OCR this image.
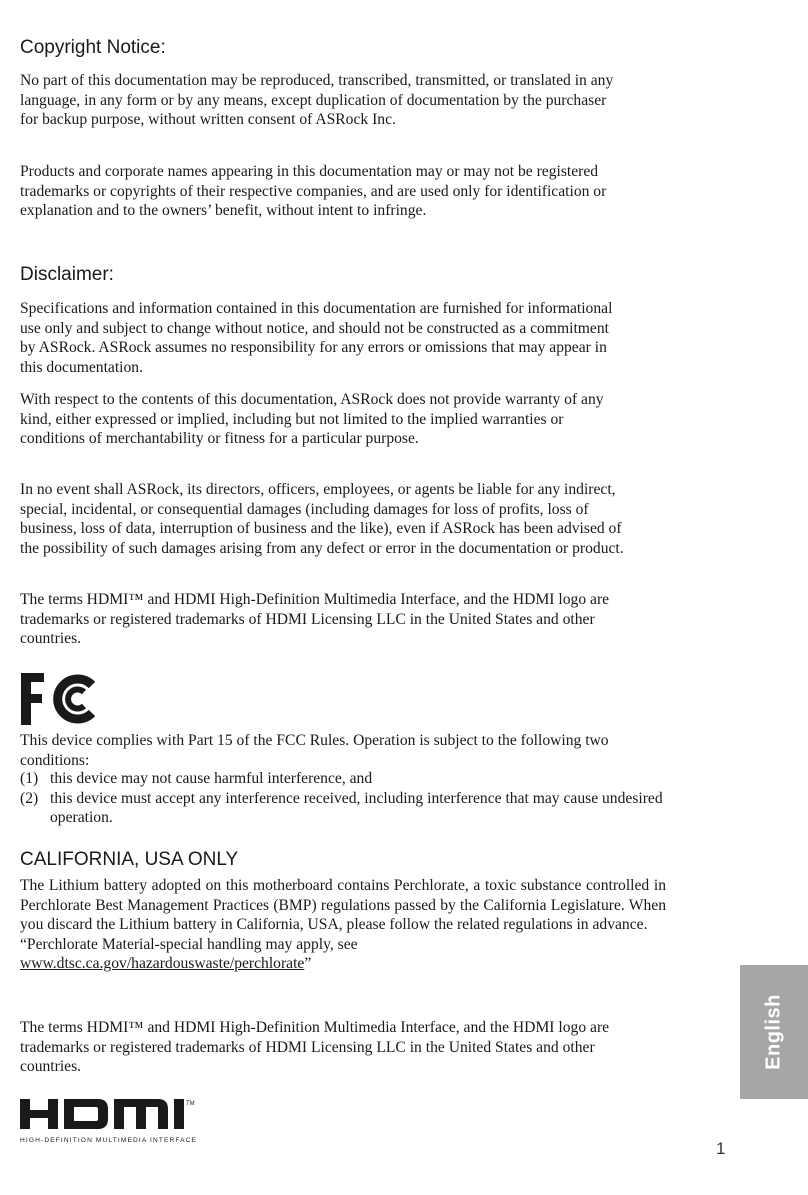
Copyright Notice:

No part of this documentation may be reproduced, transcribed, transmitted, or translated in any language, in any form or by any means, except duplication of documentation by the purchaser for backup purpose, without written consent of ASRock Inc.

Products and corporate names appearing in this documentation may or may not be registered trademarks or copyrights of their respective companies, and are used only for identification or explanation and to the owners’ benefit, without intent to infringe.

Disclaimer:

Specifications and information contained in this documentation are furnished for informational use only and subject to change without notice, and should not be constructed as a commitment by ASRock. ASRock assumes no responsibility for any errors or omissions that may appear in this documentation.

With respect to the contents of this documentation, ASRock does not provide warranty of any kind, either expressed or implied, including but not limited to the implied warranties or conditions of merchantability or fitness for a particular purpose.

In no event shall ASRock, its directors, officers, employees, or agents be liable for any indirect, special, incidental, or consequential damages (including damages for loss of profits, loss of business, loss of data, interruption of business and the like), even if ASRock has been advised of the possibility of such damages arising from any defect or error in the documentation or product.

The terms HDMI™ and HDMI High-Definition Multimedia Interface, and the HDMI logo are trademarks or registered trademarks of HDMI Licensing LLC in the United States and other countries.

This device complies with Part 15 of the FCC Rules. Operation is subject to the following two conditions:

(1) this device may not cause harmful interference, and
(2) this device must accept any interference received, including interference that may cause undesired operation.
CALIFORNIA, USA ONLY

The Lithium battery adopted on this motherboard contains Perchlorate, a toxic substance controlled in Perchlorate Best Management Practices (BMP) regulations passed by the California Legislature. When you discard the Lithium battery in California, USA, please follow the related regulations in advance.
“Perchlorate Material-special handling may apply, see
www.dtsc.ca.gov/hazardouswaste/perchlorate”

The terms HDMI™ and HDMI High-Definition Multimedia Interface, and the HDMI logo are trademarks or registered trademarks of HDMI Licensing LLC in the United States and other countries.

TM
HIGH-DEFINITION MULTIMEDIA INTERFACE
English
1
